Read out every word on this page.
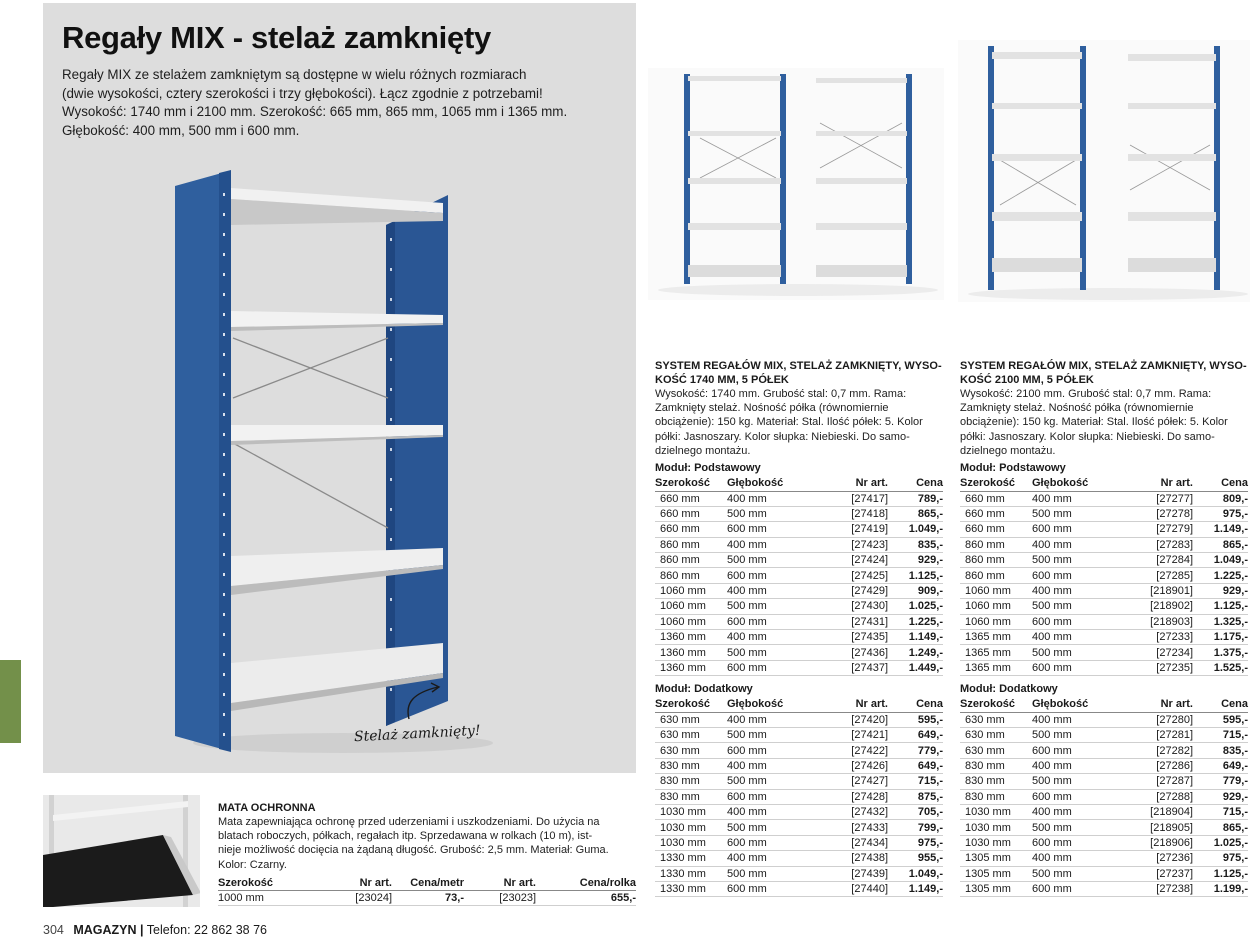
Regały MIX - stelaż zamknięty
Regały MIX ze stelażem zamkniętym są dostępne w wielu różnych rozmiarach
(dwie wysokości, cztery szerokości i trzy głębokości). Łącz zgodnie z potrzebami!
Wysokość: 1740 mm i 2100 mm. Szerokość: 665 mm, 865 mm, 1065 mm i 1365 mm.
Głębokość: 400 mm, 500 mm i 600 mm.
Stelaż zamknięty!
SYSTEM REGAŁÓW MIX, STELAŻ ZAMKNIĘTY, WYSO-
KOŚĆ 1740 MM, 5 PÓŁEK
Wysokość: 1740 mm. Grubość stal: 0,7 mm. Rama:
Zamknięty stelaż. Nośność półka (równomiernie
obciążenie): 150 kg. Materiał: Stal. Ilość półek: 5. Kolor
półki: Jasnoszary. Kolor słupka: Niebieski. Do samo-
dzielnego montażu.
Moduł: Podstawowy
Szerokość	Głębokość	Nr art.	Cena
660 mm	400 mm	[27417]	789,-
660 mm	500 mm	[27418]	865,-
660 mm	600 mm	[27419]	1.049,-
860 mm	400 mm	[27423]	835,-
860 mm	500 mm	[27424]	929,-
860 mm	600 mm	[27425]	1.125,-
1060 mm	400 mm	[27429]	909,-
1060 mm	500 mm	[27430]	1.025,-
1060 mm	600 mm	[27431]	1.225,-
1360 mm	400 mm	[27435]	1.149,-
1360 mm	500 mm	[27436]	1.249,-
1360 mm	600 mm	[27437]	1.449,-
Moduł: Dodatkowy
Szerokość	Głębokość	Nr art.	Cena
630 mm	400 mm	[27420]	595,-
630 mm	500 mm	[27421]	649,-
630 mm	600 mm	[27422]	779,-
830 mm	400 mm	[27426]	649,-
830 mm	500 mm	[27427]	715,-
830 mm	600 mm	[27428]	875,-
1030 mm	400 mm	[27432]	705,-
1030 mm	500 mm	[27433]	799,-
1030 mm	600 mm	[27434]	975,-
1330 mm	400 mm	[27438]	955,-
1330 mm	500 mm	[27439]	1.049,-
1330 mm	600 mm	[27440]	1.149,-
SYSTEM REGAŁÓW MIX, STELAŻ ZAMKNIĘTY, WYSO-
KOŚĆ 2100 MM, 5 PÓŁEK
Wysokość: 2100 mm. Grubość stal: 0,7 mm. Rama:
Zamknięty stelaż. Nośność półka (równomiernie
obciążenie): 150 kg. Materiał: Stal. Ilość półek: 5. Kolor
półki: Jasnoszary. Kolor słupka: Niebieski. Do samo-
dzielnego montażu.
Moduł: Podstawowy
Szerokość	Głębokość	Nr art.	Cena
660 mm	400 mm	[27277]	809,-
660 mm	500 mm	[27278]	975,-
660 mm	600 mm	[27279]	1.149,-
860 mm	400 mm	[27283]	865,-
860 mm	500 mm	[27284]	1.049,-
860 mm	600 mm	[27285]	1.225,-
1060 mm	400 mm	[218901]	929,-
1060 mm	500 mm	[218902]	1.125,-
1060 mm	600 mm	[218903]	1.325,-
1365 mm	400 mm	[27233]	1.175,-
1365 mm	500 mm	[27234]	1.375,-
1365 mm	600 mm	[27235]	1.525,-
Moduł: Dodatkowy
Szerokość	Głębokość	Nr art.	Cena
630 mm	400 mm	[27280]	595,-
630 mm	500 mm	[27281]	715,-
630 mm	600 mm	[27282]	835,-
830 mm	400 mm	[27286]	649,-
830 mm	500 mm	[27287]	779,-
830 mm	600 mm	[27288]	929,-
1030 mm	400 mm	[218904]	715,-
1030 mm	500 mm	[218905]	865,-
1030 mm	600 mm	[218906]	1.025,-
1305 mm	400 mm	[27236]	975,-
1305 mm	500 mm	[27237]	1.125,-
1305 mm	600 mm	[27238]	1.199,-
MATA OCHRONNA
Mata zapewniająca ochronę przed uderzeniami i uszkodzeniami. Do użycia na
blatach roboczych, półkach, regałach itp. Sprzedawana w rolkach (10 m), ist-
nieje możliwość docięcia na żądaną długość. Grubość: 2,5 mm. Materiał: Guma.
Kolor: Czarny.
Szerokość	Nr art.	Cena/metr	Nr art.	Cena/rolka
1000 mm	[23024]	73,-	[23023]	655,-
304 MAGAZYN | Telefon: 22 862 38 76
